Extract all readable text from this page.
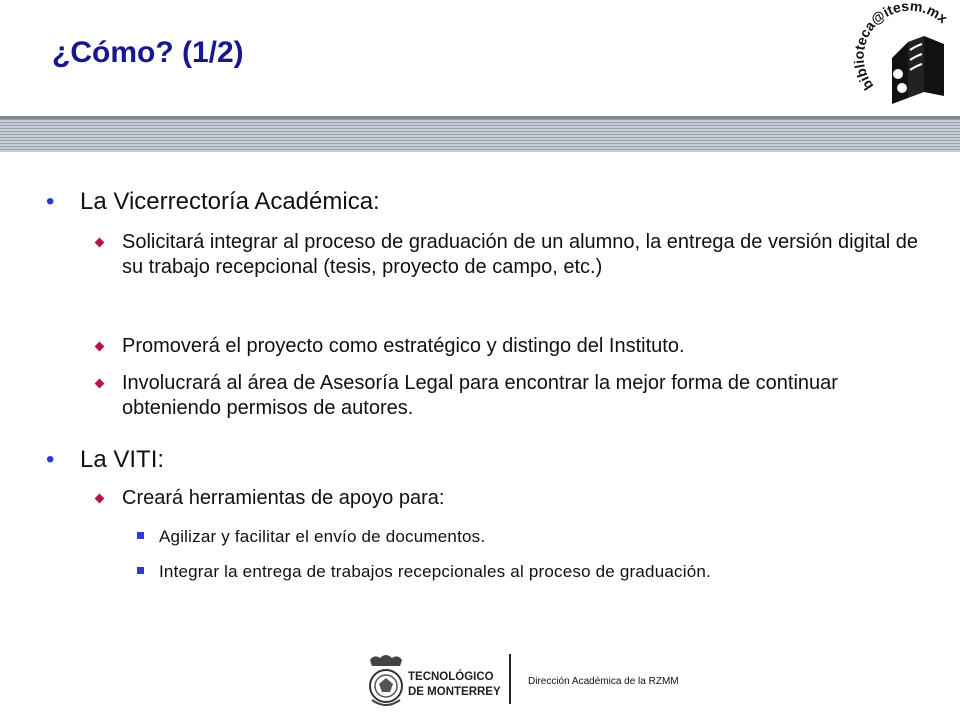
¿Cómo? (1/2)
biblioteca@itesm.mx
• La Vicerrectoría Académica:
Solicitará integrar al proceso de graduación de un alumno, la entrega de versión digital de su trabajo recepcional (tesis, proyecto de campo, etc.)
Promoverá el proyecto como estratégico y distingo del Instituto.
Involucrará al área de Asesoría Legal para encontrar la mejor forma de continuar obteniendo permisos de autores.
• La VITI:
Creará herramientas de apoyo para:
Agilizar y facilitar el envío de documentos.
Integrar la entrega de trabajos recepcionales al proceso de graduación.
TECNOLÓGICO
DE MONTERREY
Dirección Académica de la RZMM
